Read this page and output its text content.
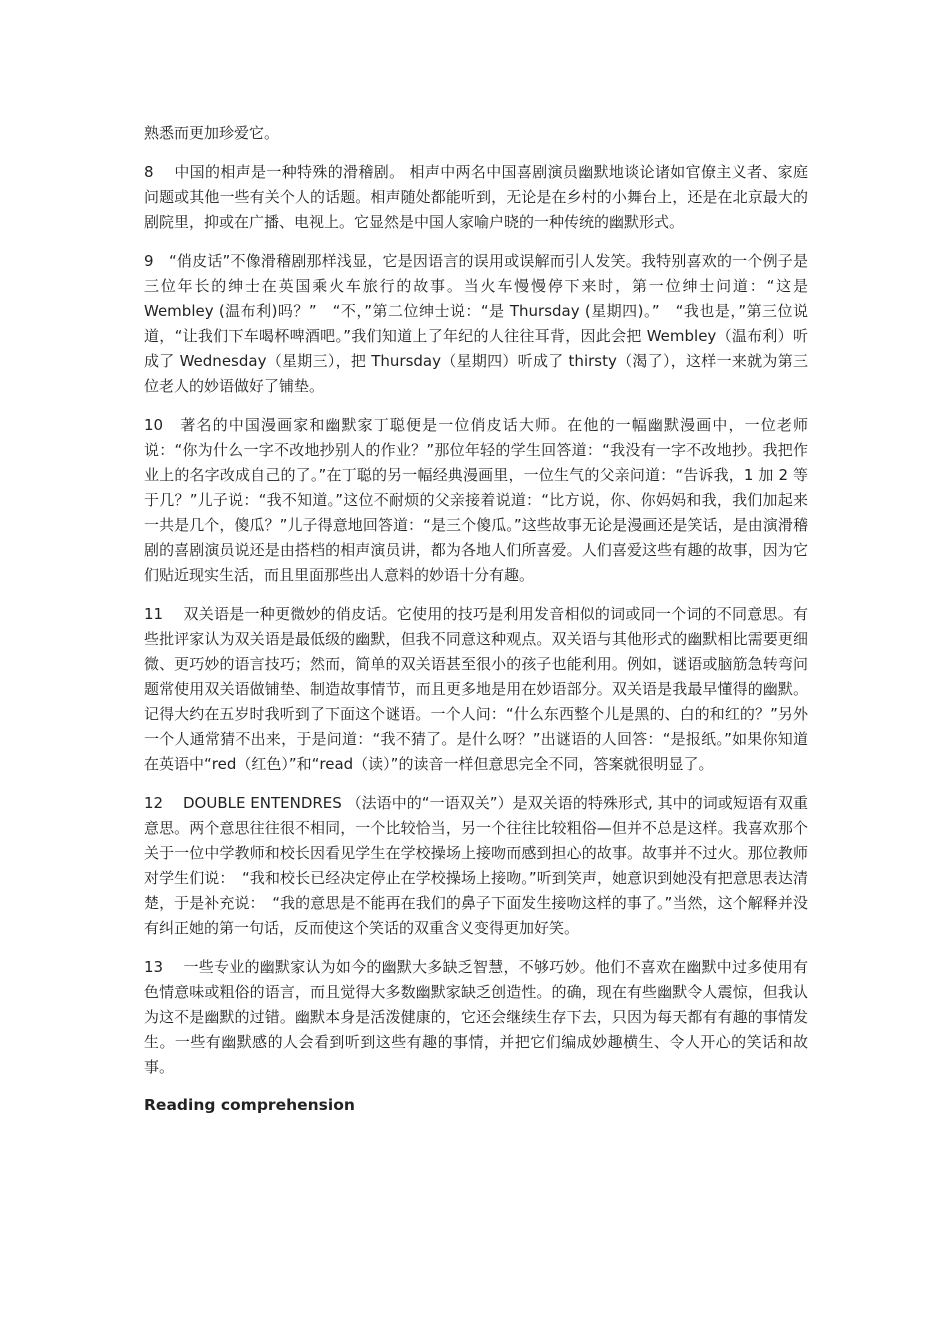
熟悉而更加珍爱它。

8　 中国的相声是一种特殊的滑稽剧。 相声中两名中国喜剧演员幽默地谈论诸如官僚主义者、家庭问题或其他一些有关个人的话题。相声随处都能听到，无论是在乡村的小舞台上，还是在北京最大的剧院里，抑或在广播、电视上。它显然是中国人家喻户晓的一种传统的幽默形式。

9　“俏皮话”不像滑稽剧那样浅显，它是因语言的误用或误解而引人发笑。我特别喜欢的一个例子是三位年长的绅士在英国乘火车旅行的故事。当火车慢慢停下来时，第一位绅士问道：“这是 Wembley (温布利)吗？”　“不，”第二位绅士说：“是 Thursday (星期四)。”　“我也是，”第三位说道，“让我们下车喝杯啤酒吧。”我们知道上了年纪的人往往耳背，因此会把 Wembley（温布利）听成了 Wednesday（星期三），把 Thursday（星期四）听成了 thirsty（渴了），这样一来就为第三位老人的妙语做好了铺垫。

10　著名的中国漫画家和幽默家丁聪便是一位俏皮话大师。在他的一幅幽默漫画中，一位老师说：“你为什么一字不改地抄别人的作业？”那位年轻的学生回答道：“我没有一字不改地抄。我把作业上的名字改成自己的了。”在丁聪的另一幅经典漫画里，一位生气的父亲问道：“告诉我，1 加 2 等于几？”儿子说：“我不知道。”这位不耐烦的父亲接着说道：“比方说，你、你妈妈和我，我们加起来一共是几个，傻瓜？”儿子得意地回答道：“是三个傻瓜。”这些故事无论是漫画还是笑话，是由演滑稽剧的喜剧演员说还是由搭档的相声演员讲，都为各地人们所喜爱。人们喜爱这些有趣的故事，因为它们贴近现实生活，而且里面那些出人意料的妙语十分有趣。

11　 双关语是一种更微妙的俏皮话。它使用的技巧是利用发音相似的词或同一个词的不同意思。有些批评家认为双关语是最低级的幽默，但我不同意这种观点。双关语与其他形式的幽默相比需要更细微、更巧妙的语言技巧；然而，简单的双关语甚至很小的孩子也能利用。例如，谜语或脑筋急转弯问题常使用双关语做铺垫、制造故事情节，而且更多地是用在妙语部分。双关语是我最早懂得的幽默。记得大约在五岁时我听到了下面这个谜语。一个人问：“什么东西整个儿是黑的、白的和红的？”另外一个人通常猜不出来，于是问道：“我不猜了。是什么呀？”出谜语的人回答：“是报纸。”如果你知道在英语中“red（红色）”和“read（读）”的读音一样但意思完全不同，答案就很明显了。

12　 DOUBLE ENTENDRES （法语中的“一语双关”）是双关语的特殊形式, 其中的词或短语有双重意思。两个意思往往很不相同，一个比较恰当，另一个往往比较粗俗—但并不总是这样。我喜欢那个关于一位中学教师和校长因看见学生在学校操场上接吻而感到担心的故事。故事并不过火。那位教师对学生们说：　“我和校长已经决定停止在学校操场上接吻。”听到笑声，她意识到她没有把意思表达清楚，于是补充说：　“我的意思是不能再在我们的鼻子下面发生接吻这样的事了。”当然，这个解释并没有纠正她的第一句话，反而使这个笑话的双重含义变得更加好笑。

13　 一些专业的幽默家认为如今的幽默大多缺乏智慧，不够巧妙。他们不喜欢在幽默中过多使用有色情意味或粗俗的语言，而且觉得大多数幽默家缺乏创造性。的确，现在有些幽默令人震惊，但我认为这不是幽默的过错。幽默本身是活泼健康的，它还会继续生存下去，只因为每天都有有趣的事情发生。一些有幽默感的人会看到听到这些有趣的事情，并把它们编成妙趣横生、令人开心的笑话和故事。

Reading comprehension
